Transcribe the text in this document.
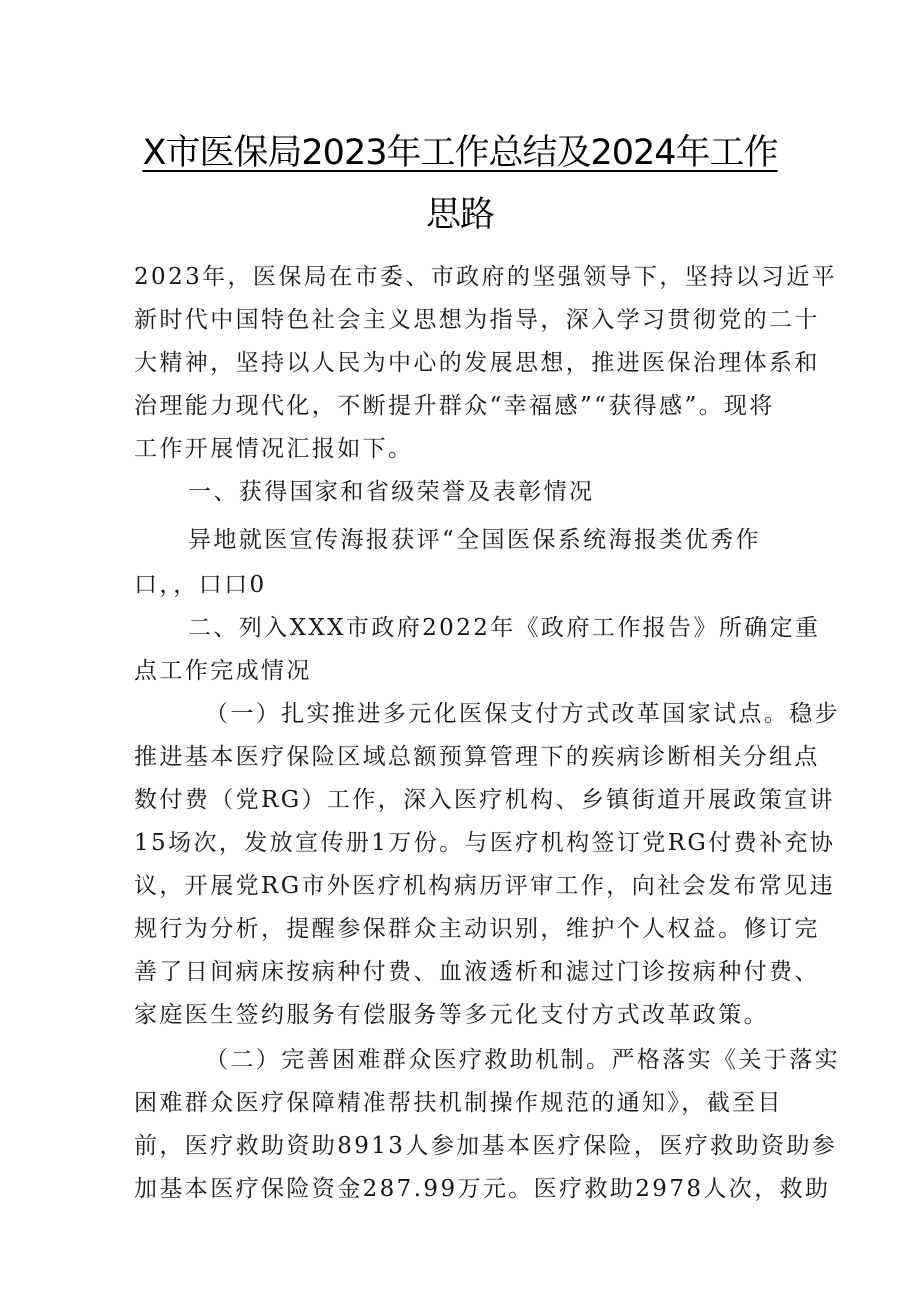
X市医保局2023年工作总结及2024年工作
思路
2023年，医保局在市委、市政府的坚强领导下，坚持以习近平
新时代中国特色社会主义思想为指导，深入学习贯彻党的二十
大精神，坚持以人民为中心的发展思想，推进医保治理体系和
治理能力现代化，不断提升群众“幸福感”“获得感”。现将
工作开展情况汇报如下。
一、获得国家和省级荣誉及表彰情况
异地就医宣传海报获评“全国医保系统海报类优秀作
口，，口口0
二、列入XXX市政府2022年《政府工作报告》所确定重
点工作完成情况
（一）扎实推进多元化医保支付方式改革国家试点。稳步
推进基本医疗保险区域总额预算管理下的疾病诊断相关分组点
数付费（党RG）工作，深入医疗机构、乡镇街道开展政策宣讲
15场次，发放宣传册1万份。与医疗机构签订党RG付费补充协
议，开展党RG市外医疗机构病历评审工作，向社会发布常见违
规行为分析，提醒参保群众主动识别，维护个人权益。修订完
善了日间病床按病种付费、血液透析和滤过门诊按病种付费、
家庭医生签约服务有偿服务等多元化支付方式改革政策。
（二）完善困难群众医疗救助机制。严格落实《关于落实
困难群众医疗保障精准帮扶机制操作规范的通知》，截至目
前，医疗救助资助8913人参加基本医疗保险，医疗救助资助参
加基本医疗保险资金287.99万元。医疗救助2978人次，救助
